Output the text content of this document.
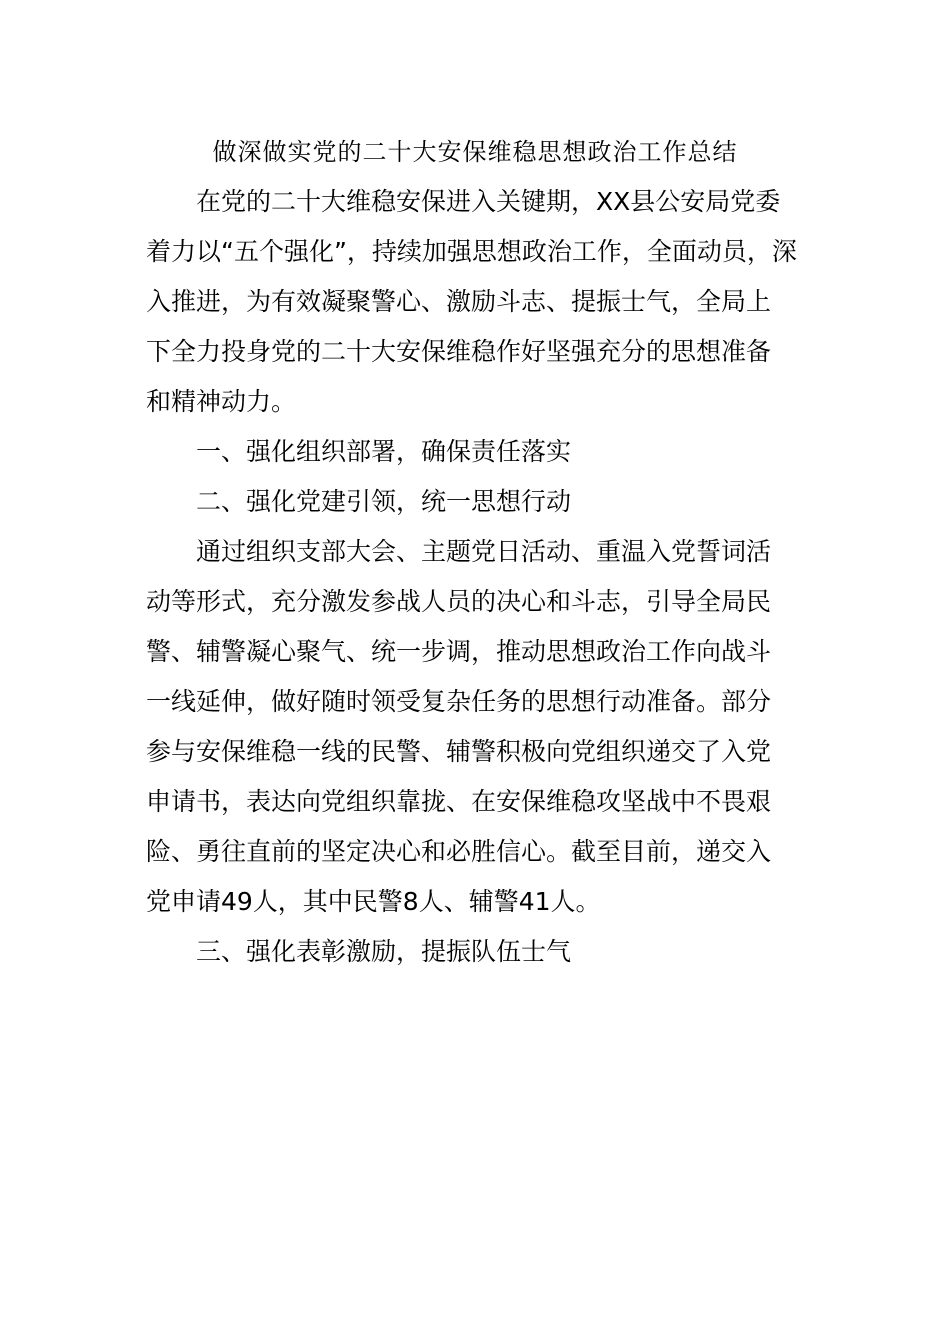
做深做实党的二十大安保维稳思想政治工作总结
在党的二十大维稳安保进入关键期，XX县公安局党委
着力以“五个强化”，持续加强思想政治工作，全面动员，深
入推进，为有效凝聚警心、激励斗志、提振士气，全局上
下全力投身党的二十大安保维稳作好坚强充分的思想准备
和精神动力。
一、强化组织部署，确保责任落实
二、强化党建引领，统一思想行动
通过组织支部大会、主题党日活动、重温入党誓词活
动等形式，充分激发参战人员的决心和斗志，引导全局民
警、辅警凝心聚气、统一步调，推动思想政治工作向战斗
一线延伸，做好随时领受复杂任务的思想行动准备。部分
参与安保维稳一线的民警、辅警积极向党组织递交了入党
申请书，表达向党组织靠拢、在安保维稳攻坚战中不畏艰
险、勇往直前的坚定决心和必胜信心。截至目前，递交入
党申请49人，其中民警8人、辅警41人。
三、强化表彰激励，提振队伍士气
